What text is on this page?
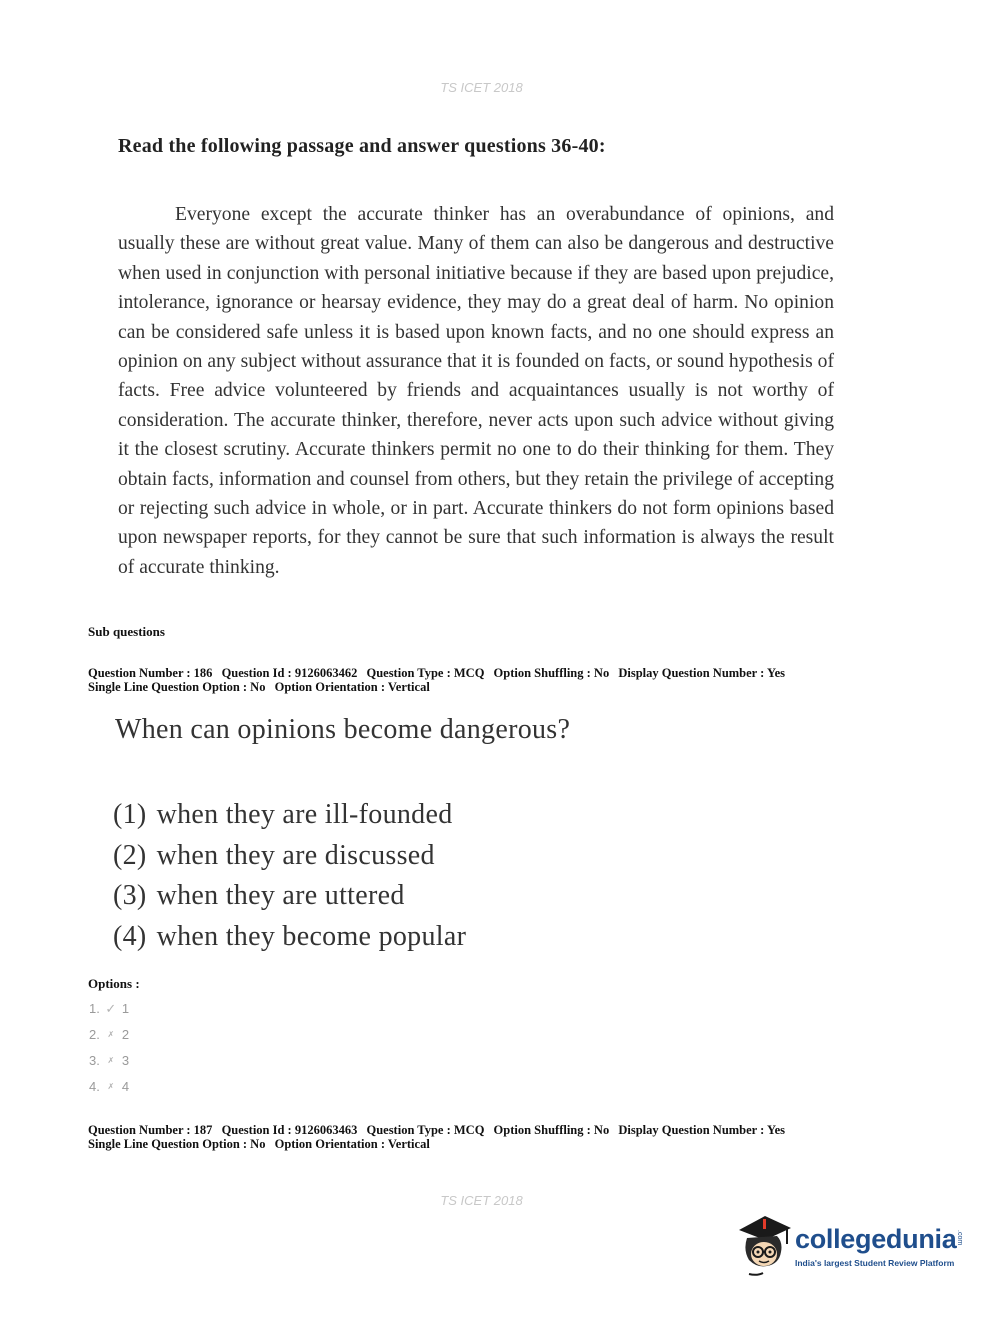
TS ICET 2018
Read the following passage and answer questions 36-40:

Everyone except the accurate thinker has an overabundance of opinions, and usually these are without great value. Many of them can also be dangerous and destructive when used in conjunction with personal initiative because if they are based upon prejudice, intolerance, ignorance or hearsay evidence, they may do a great deal of harm. No opinion can be considered safe unless it is based upon known facts, and no one should express an opinion on any subject without assurance that it is founded on facts, or sound hypothesis of facts. Free advice volunteered by friends and acquaintances usually is not worthy of consideration. The accurate thinker, therefore, never acts upon such advice without giving it the closest scrutiny. Accurate thinkers permit no one to do their thinking for them. They obtain facts, information and counsel from others, but they retain the privilege of accepting or rejecting such advice in whole, or in part. Accurate thinkers do not form opinions based upon newspaper reports, for they cannot be sure that such information is always the result of accurate thinking.

Sub questions
Question Number : 186 Question Id : 9126063462 Question Type : MCQ Option Shuffling : No Display Question Number : Yes
Single Line Question Option : No Option Orientation : Vertical
When can opinions become dangerous?
(1) when they are ill-founded
(2) when they are discussed
(3) when they are uttered
(4) when they become popular
Options :
1. ✓ 1
2. ✗ 2
3. ✗ 3
4. ✗ 4
Question Number : 187 Question Id : 9126063463 Question Type : MCQ Option Shuffling : No Display Question Number : Yes
Single Line Question Option : No Option Orientation : Vertical
TS ICET 2018
collegedunia .com
India's largest Student Review Platform
